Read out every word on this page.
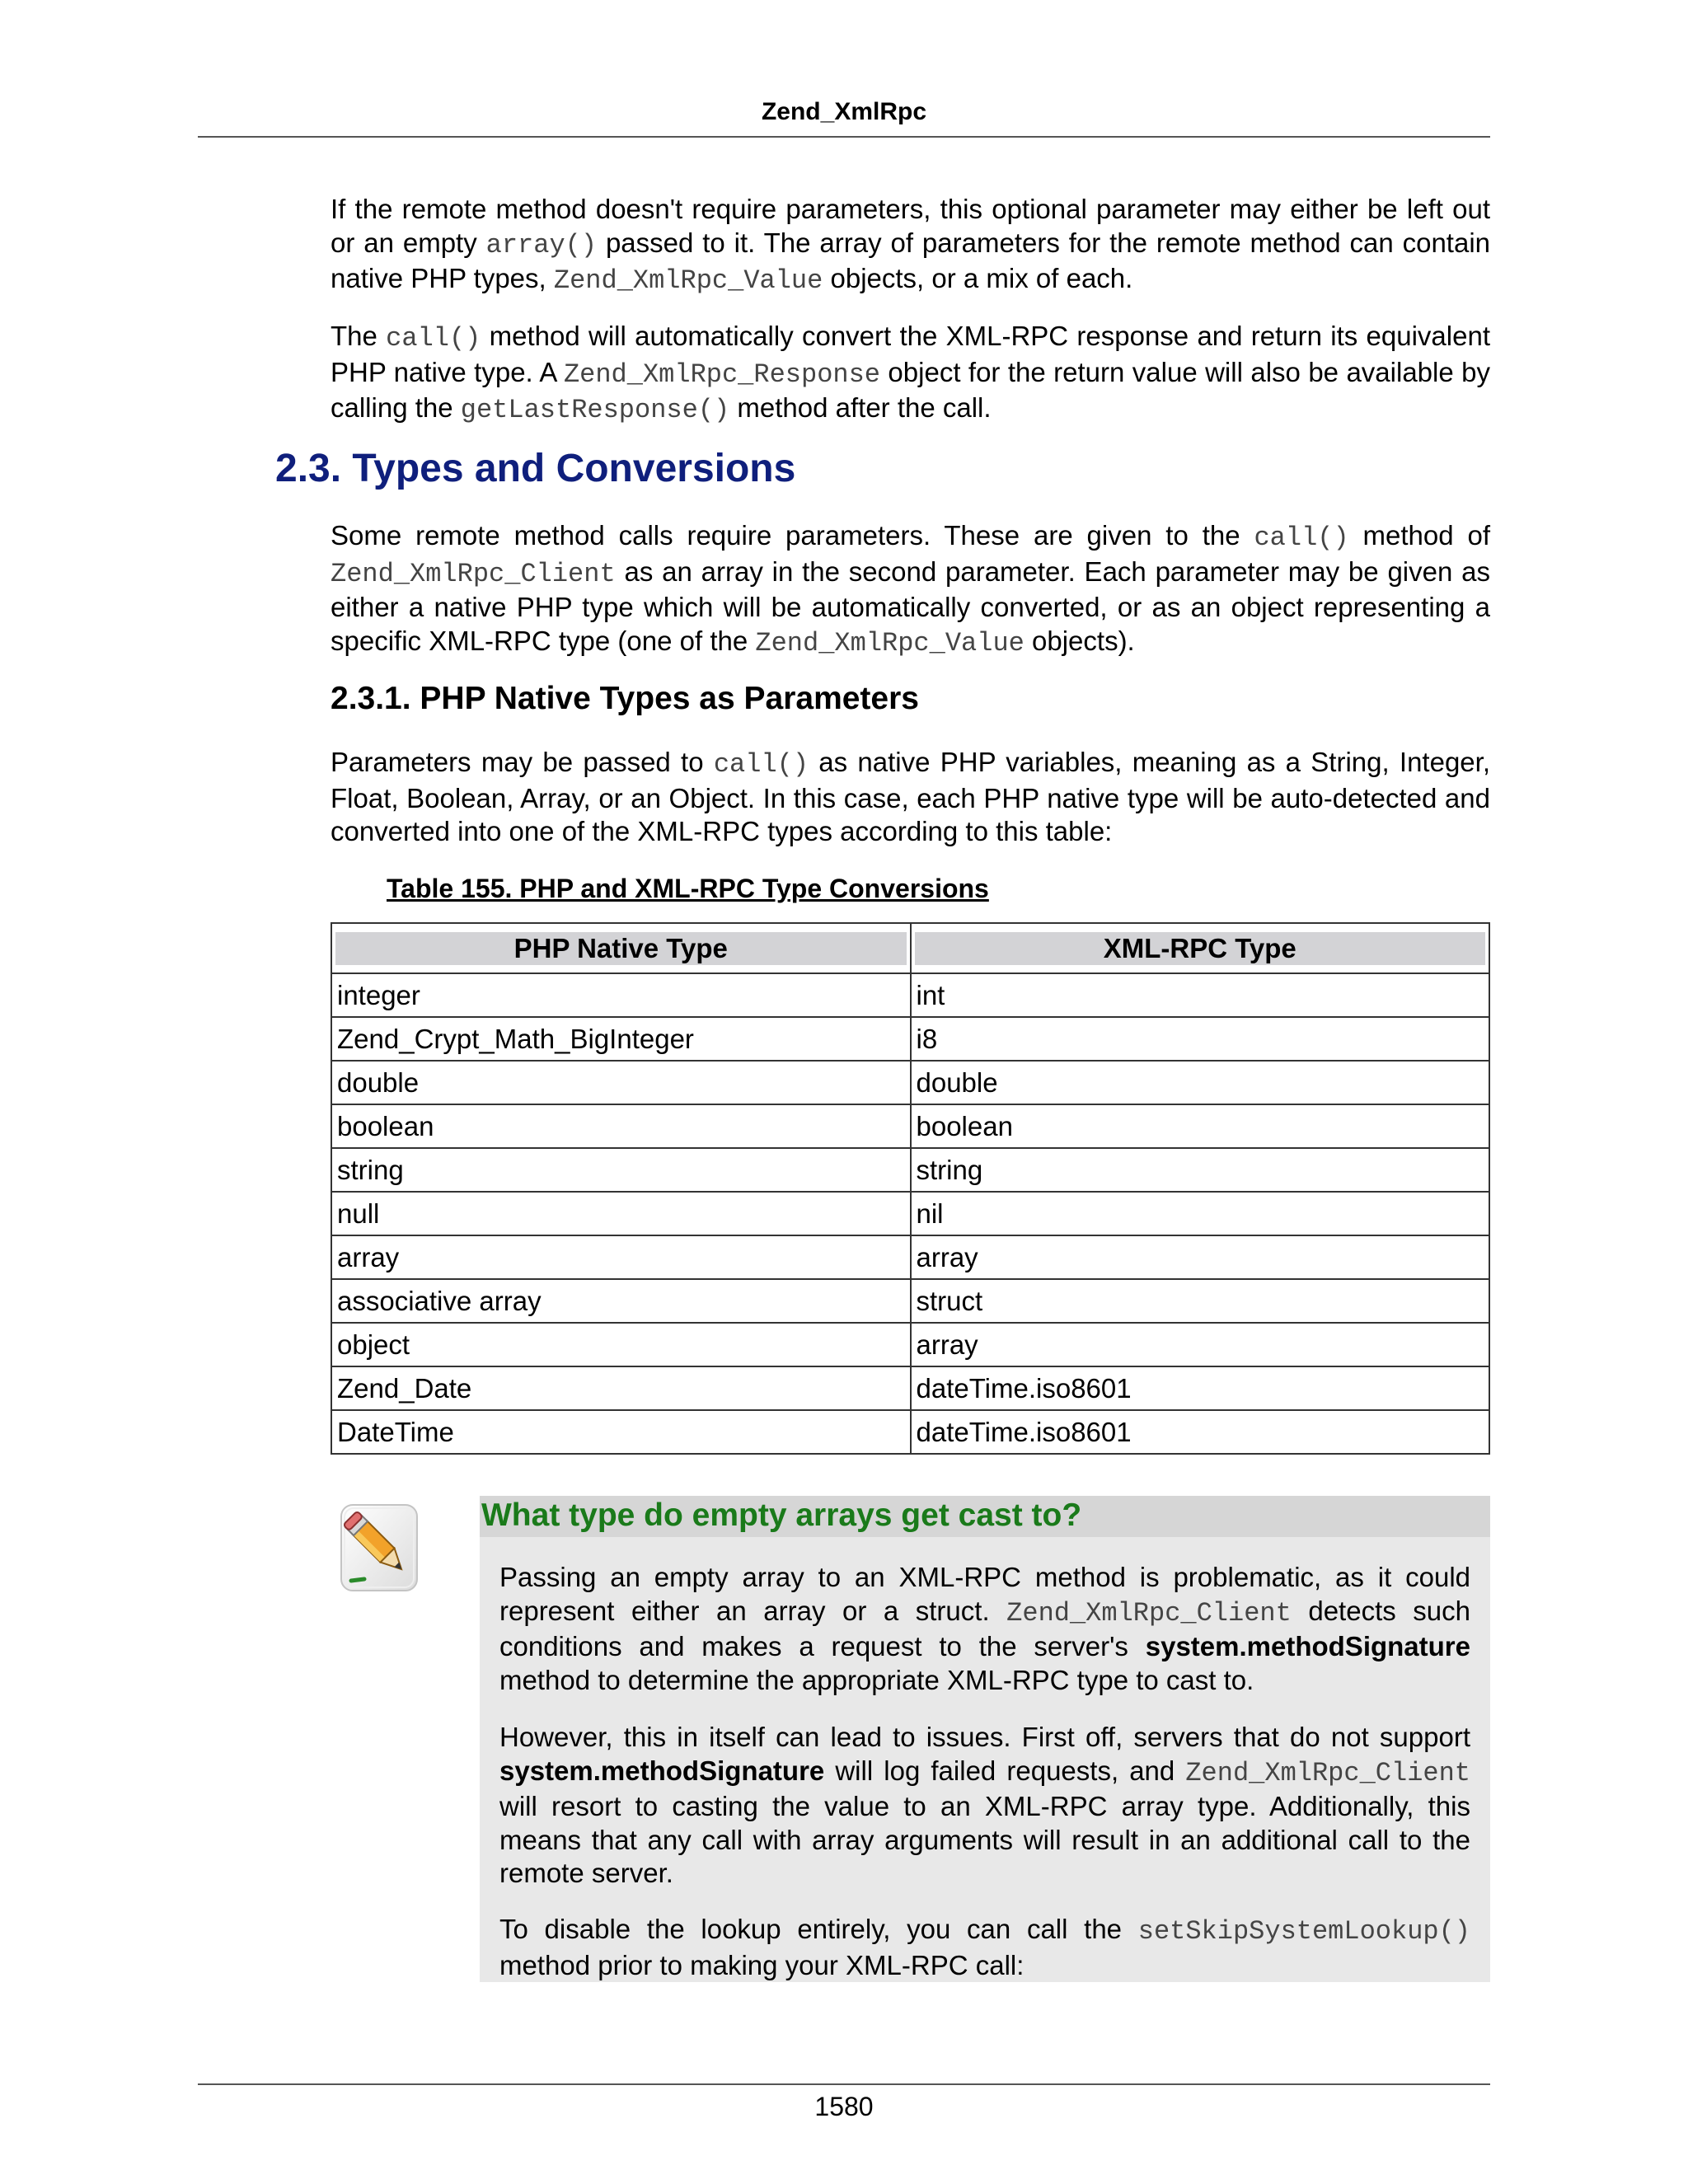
Zend_XmlRpc

If the remote method doesn't require parameters, this optional parameter may either be left out or an empty array() passed to it. The array of parameters for the remote method can contain native PHP types, Zend_XmlRpc_Value objects, or a mix of each.

The call() method will automatically convert the XML-RPC response and return its equivalent PHP native type. A Zend_XmlRpc_Response object for the return value will also be available by calling the getLastResponse() method after the call.

2.3. Types and Conversions

Some remote method calls require parameters. These are given to the call() method of Zend_XmlRpc_Client as an array in the second parameter. Each parameter may be given as either a native PHP type which will be automatically converted, or as an object representing a specific XML-RPC type (one of the Zend_XmlRpc_Value objects).

2.3.1. PHP Native Types as Parameters

Parameters may be passed to call() as native PHP variables, meaning as a String, Integer, Float, Boolean, Array, or an Object. In this case, each PHP native type will be auto-detected and converted into one of the XML-RPC types according to this table:

Table 155. PHP and XML-RPC Type Conversions

PHP Native Type	XML-RPC Type

integer	int
Zend_Crypt_Math_BigInteger	i8
double	double
boolean	boolean
string	string
null	nil
array	array
associative array	struct
object	array
Zend_Date	dateTime.iso8601
DateTime	dateTime.iso8601
What type do empty arrays get cast to?

Passing an empty array to an XML-RPC method is problematic, as it could represent either an array or a struct. Zend_XmlRpc_Client detects such conditions and makes a request to the server's system.methodSignature method to determine the appropriate XML-RPC type to cast to.

However, this in itself can lead to issues. First off, servers that do not support system.methodSignature will log failed requests, and Zend_XmlRpc_Client will resort to casting the value to an XML-RPC array type. Additionally, this means that any call with array arguments will result in an additional call to the remote server.

To disable the lookup entirely, you can call the setSkipSystemLookup() method prior to making your XML-RPC call:

1580
